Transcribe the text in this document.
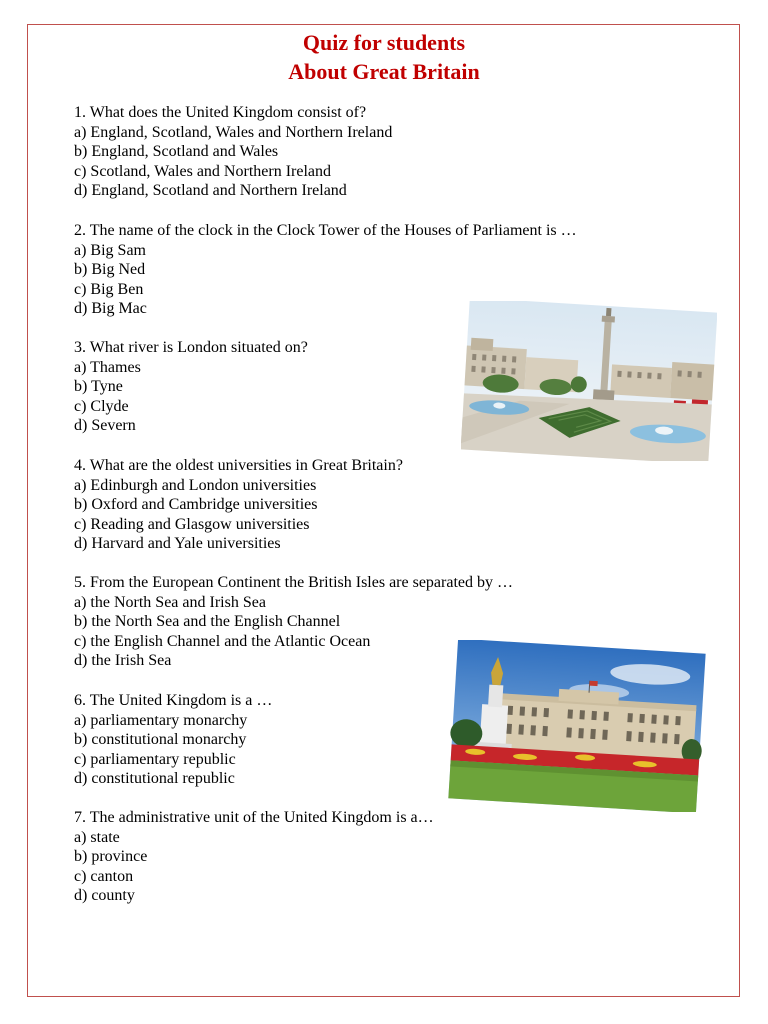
Quiz for students
About Great Britain
1. What does the United Kingdom consist of?
a) England, Scotland, Wales and Northern Ireland
b) England, Scotland and Wales
c) Scotland, Wales and Northern Ireland
d) England, Scotland and Northern Ireland
2. The name of the clock in the Clock Tower of the Houses of Parliament is …
a) Big Sam
b) Big Ned
c) Big Ben
d) Big Mac
3. What river is London situated on?
a) Thames
b) Tyne
c) Clyde
d) Severn
4. What are the oldest universities in Great Britain?
a) Edinburgh and London universities
b) Oxford and Cambridge universities
c) Reading and Glasgow universities
d) Harvard and Yale universities
5. From the European Continent the British Isles are separated by …
a) the North Sea and Irish Sea
b) the North Sea and the English Channel
c) the English Channel and the Atlantic Ocean
d) the Irish Sea
6. The United Kingdom is a …
a) parliamentary monarchy
b) constitutional monarchy
c) parliamentary republic
d) constitutional republic
7. The administrative unit of the United Kingdom is a…
a) state
b) province
c) canton
d) county
